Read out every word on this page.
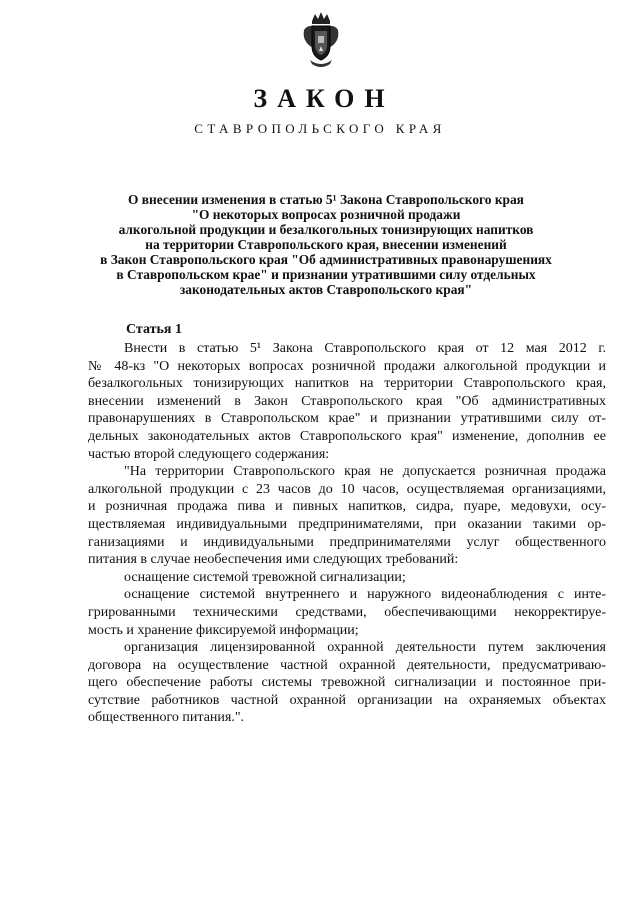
ЗАКОН
СТАВРОПОЛЬСКОГО КРАЯ
О внесении изменения в статью 5¹ Закона Ставропольского края
"О некоторых вопросах розничной продажи
алкогольной продукции и безалкогольных тонизирующих напитков
на территории Ставропольского края, внесении изменений
в Закон Ставропольского края "Об административных правонарушениях
в Ставропольском крае" и признании утратившими силу отдельных
законодательных актов Ставропольского края"
Статья 1
Внести в статью 5¹ Закона Ставропольского края от 12 мая 2012 г.
№ 48-кз "О некоторых вопросах розничной продажи алкогольной продукции и
безалкогольных тонизирующих напитков на территории Ставропольского края,
внесении изменений в Закон Ставропольского края "Об административных
правонарушениях в Ставропольском крае" и признании утратившими силу от-
дельных законодательных актов Ставропольского края" изменение, дополнив ее
частью второй следующего содержания:
"На территории Ставропольского края не допускается розничная продажа
алкогольной продукции с 23 часов до 10 часов, осуществляемая организациями,
и розничная продажа пива и пивных напитков, сидра, пуаре, медовухи, осу-
ществляемая индивидуальными предпринимателями, при оказании такими ор-
ганизациями и индивидуальными предпринимателями услуг общественного
питания в случае необеспечения ими следующих требований:
оснащение системой тревожной сигнализации;
оснащение системой внутреннего и наружного видеонаблюдения с инте-
грированными техническими средствами, обеспечивающими некорректируе-
мость и хранение фиксируемой информации;
организация лицензированной охранной деятельности путем заключения
договора на осуществление частной охранной деятельности, предусматриваю-
щего обеспечение работы системы тревожной сигнализации и постоянное при-
сутствие работников частной охранной организации на охраняемых объектах
общественного питания.".
